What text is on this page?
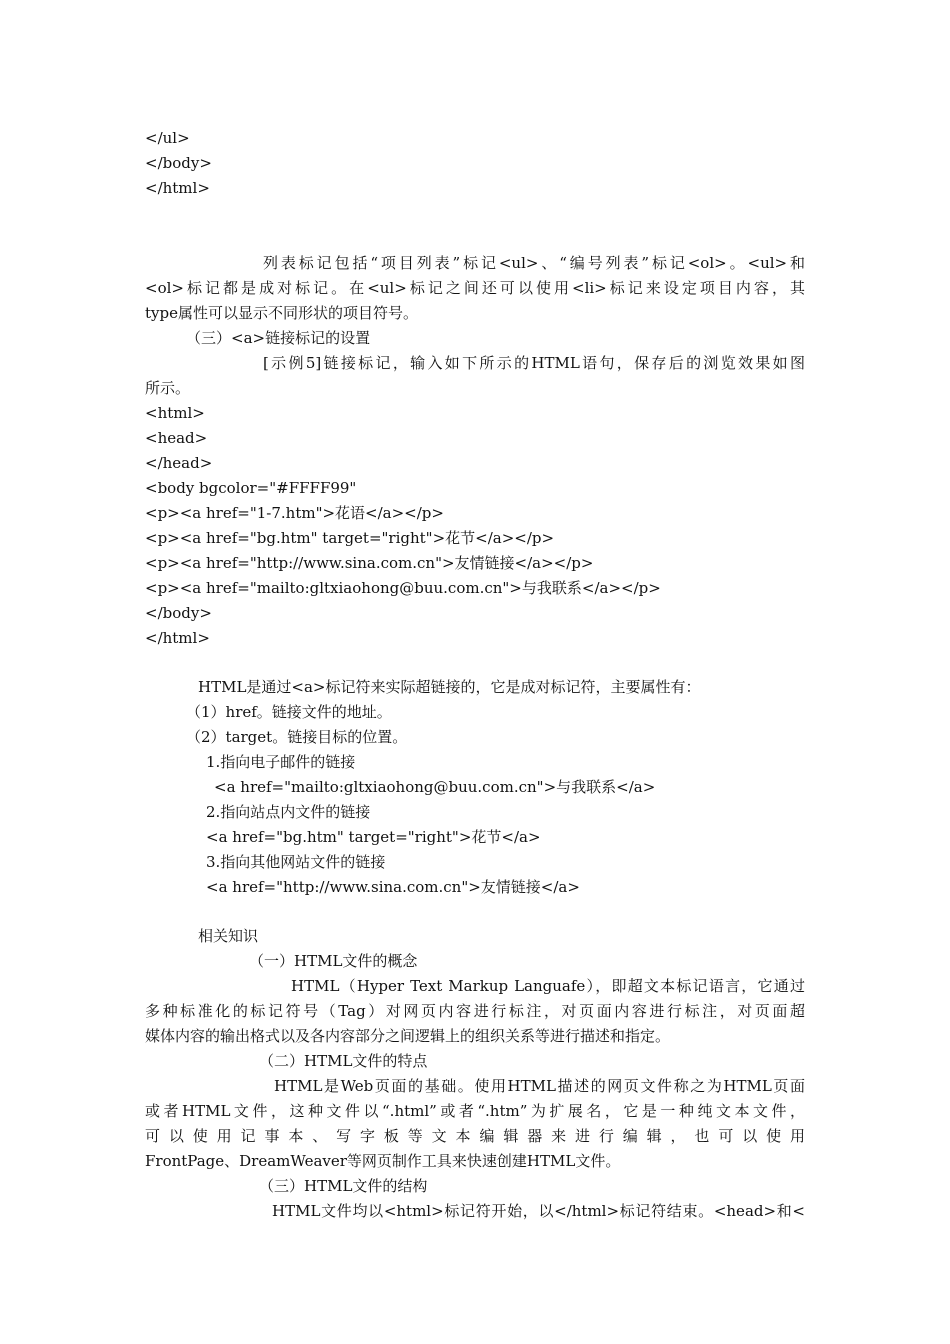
</ul>
</body>
</html>
列表标记包括“项目列表”标记<ul>、“编号列表”标记<ol>。<ul>和
<ol>标记都是成对标记。在<ul>标记之间还可以使用<li>标记来设定项目内容，其
type属性可以显示不同形状的项目符号。
（三）<a>链接标记的设置
[示例5]链接标记，输入如下所示的HTML语句，保存后的浏览效果如图
所示。
<html>
<head>
</head>
<body bgcolor="#FFFF99"
<p><a href="1-7.htm">花语</a></p>
<p><a href="bg.htm" target="right">花节</a></p>
<p><a href="http://www.sina.com.cn">友情链接</a></p>
<p><a href="mailto:gltxiaohong@buu.com.cn">与我联系</a></p>
</body>
</html>
HTML是通过<a>标记符来实际超链接的，它是成对标记符，主要属性有：
（1）href。链接文件的地址。
（2）target。链接目标的位置。
1.指向电子邮件的链接
<a href="mailto:gltxiaohong@buu.com.cn">与我联系</a>
2.指向站点内文件的链接
<a href="bg.htm" target="right">花节</a>
3.指向其他网站文件的链接
<a href="http://www.sina.com.cn">友情链接</a>
相关知识
（一）HTML文件的概念
HTML（Hyper Text Markup Languafe），即超文本标记语言，它通过
多种标准化的标记符号（Tag）对网页内容进行标注，对页面内容进行标注，对页面超
媒体内容的输出格式以及各内容部分之间逻辑上的组织关系等进行描述和指定。
（二）HTML文件的特点
HTML是Web页面的基础。使用HTML描述的网页文件称之为HTML页面
或者HTML文件，这种文件以“.html”或者“.htm”为扩展名，它是一种纯文本文件，
可以使用记事本、写字板等文本编辑器来进行编辑，也可以使用
FrontPage、DreamWeaver等网页制作工具来快速创建HTML文件。
（三）HTML文件的结构
HTML文件均以<html>标记符开始，以</html>标记符结束。<head>和<
